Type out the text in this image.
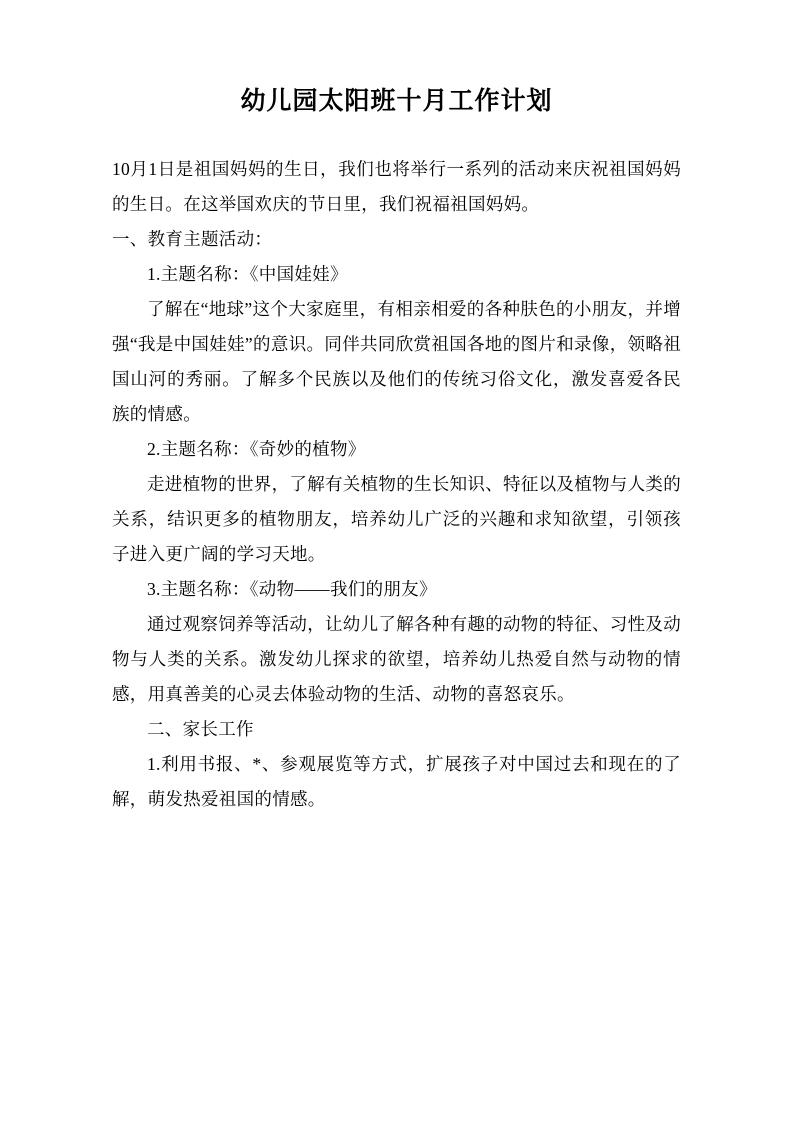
幼儿园太阳班十月工作计划

10月1日是祖国妈妈的生日，我们也将举行一系列的活动来庆祝祖国妈妈的生日。在这举国欢庆的节日里，我们祝福祖国妈妈。

一、教育主题活动：

1.主题名称：《中国娃娃》

了解在“地球”这个大家庭里，有相亲相爱的各种肤色的小朋友，并增强“我是中国娃娃”的意识。同伴共同欣赏祖国各地的图片和录像，领略祖国山河的秀丽。了解多个民族以及他们的传统习俗文化，激发喜爱各民族的情感。

2.主题名称：《奇妙的植物》

走进植物的世界，了解有关植物的生长知识、特征以及植物与人类的关系，结识更多的植物朋友，培养幼儿广泛的兴趣和求知欲望，引领孩子进入更广阔的学习天地。

3.主题名称：《动物——我们的朋友》

通过观察饲养等活动，让幼儿了解各种有趣的动物的特征、习性及动物与人类的关系。激发幼儿探求的欲望，培养幼儿热爱自然与动物的情感，用真善美的心灵去体验动物的生活、动物的喜怒哀乐。

二、家长工作

1.利用书报、*、参观展览等方式，扩展孩子对中国过去和现在的了解，萌发热爱祖国的情感。
